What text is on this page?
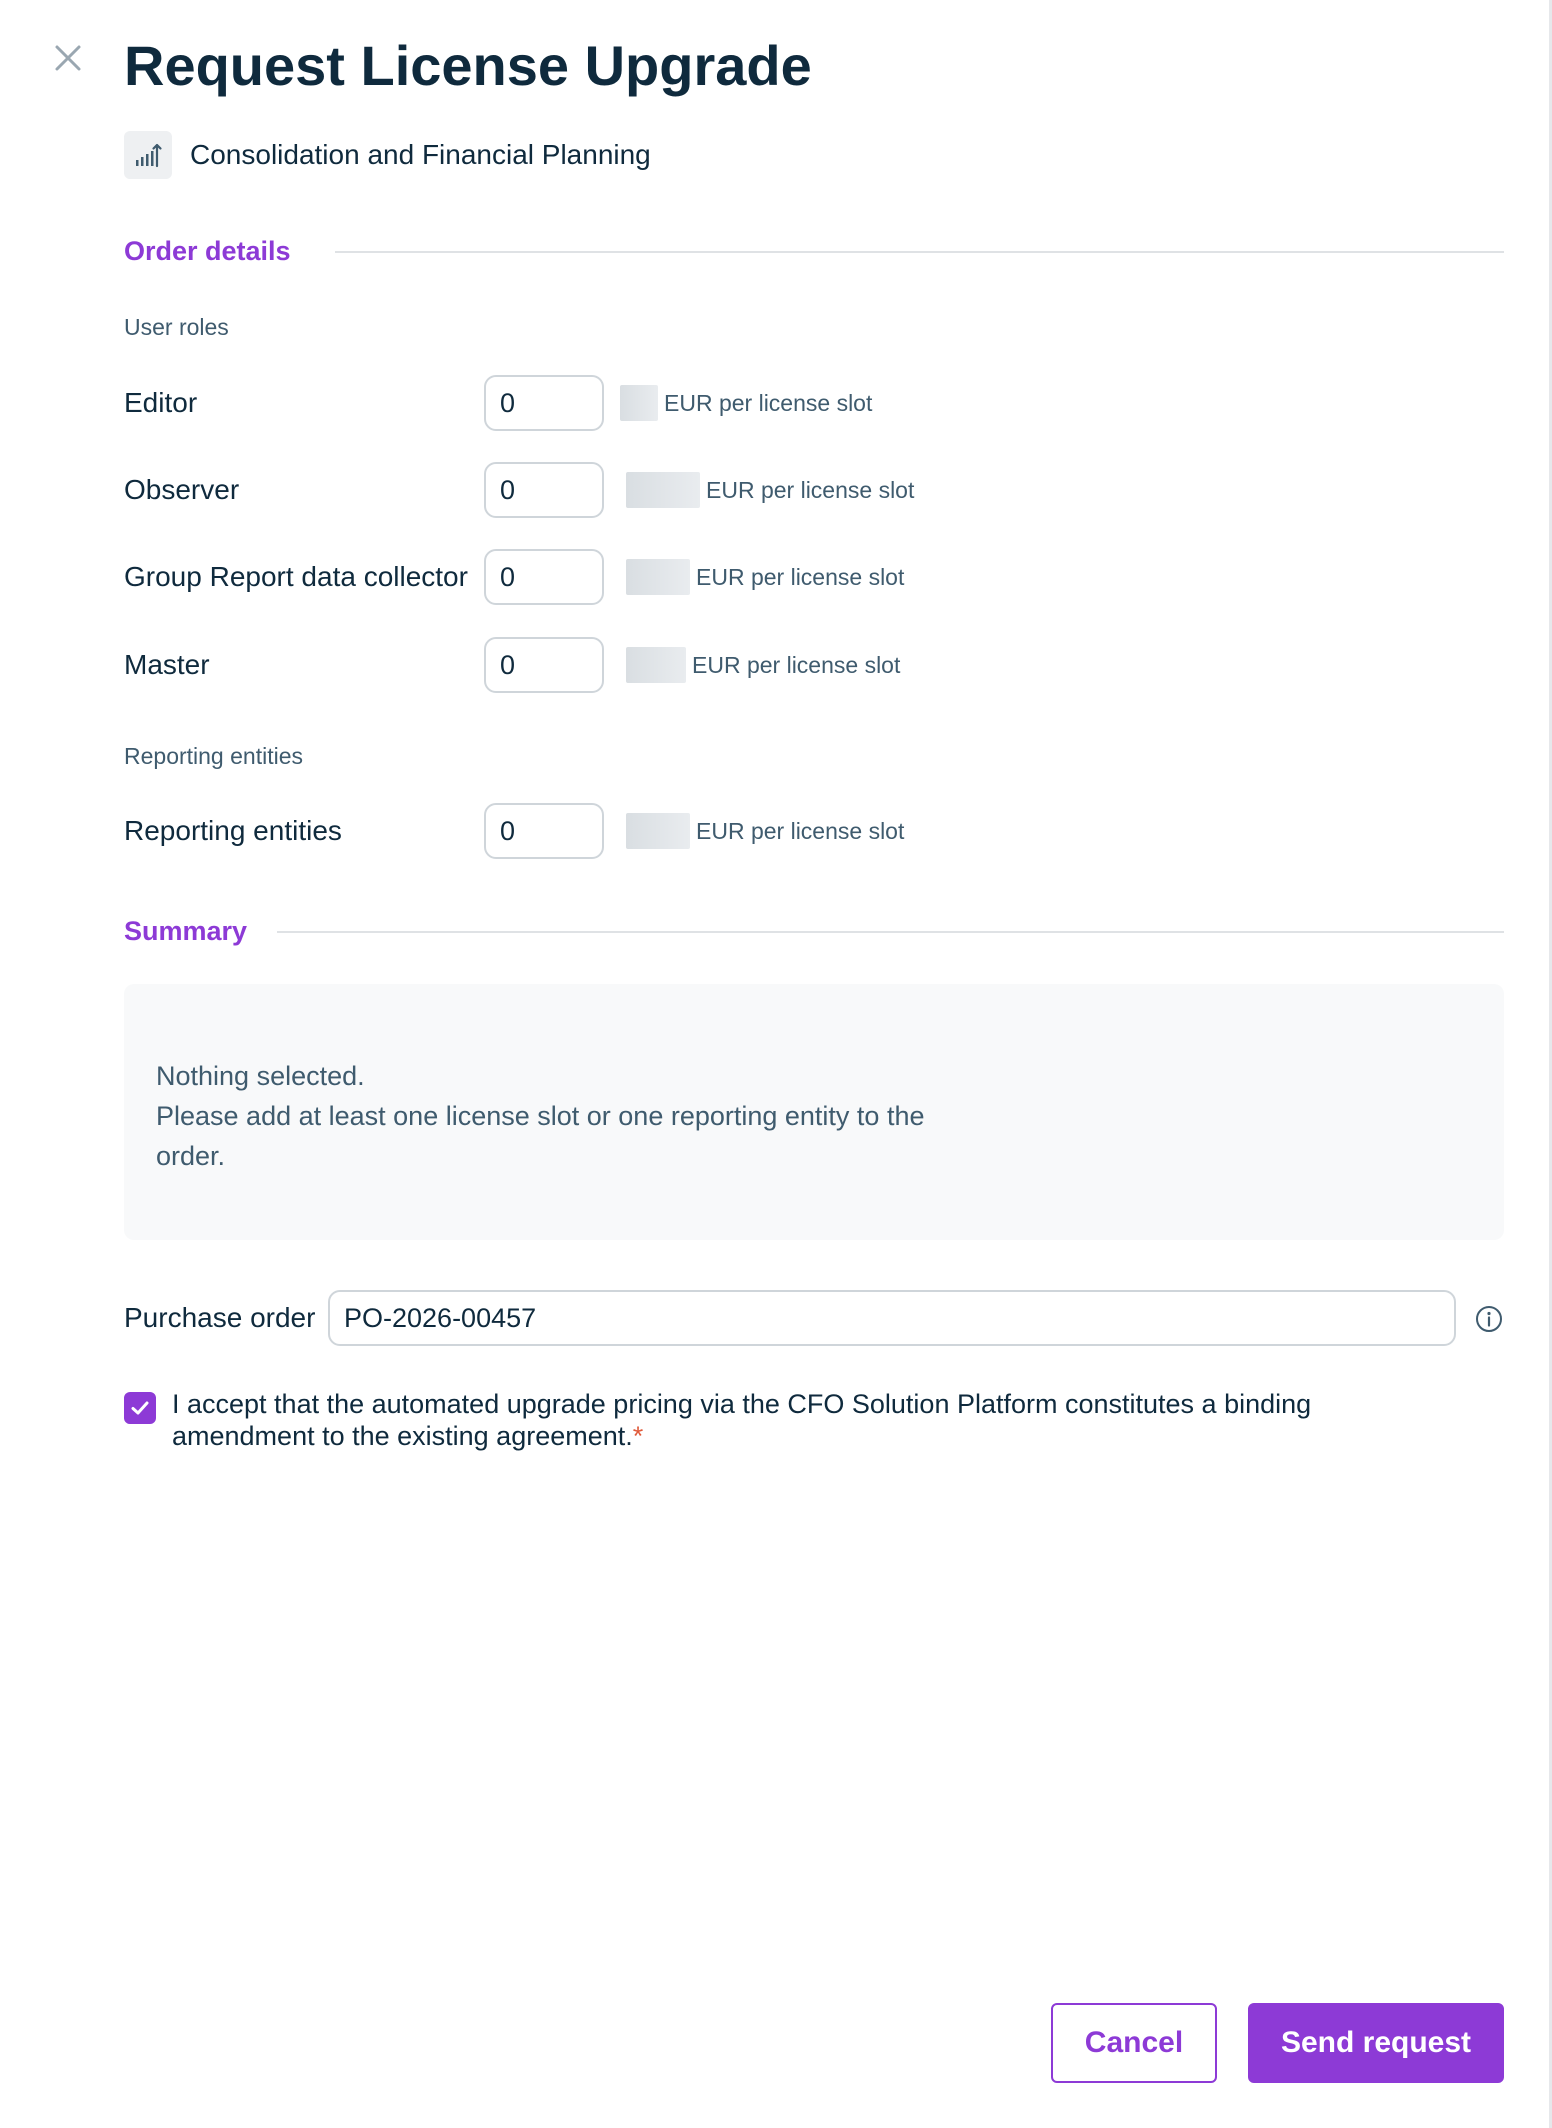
Request License Upgrade
Consolidation and Financial Planning
Order details
User roles
Editor
0	EUR per license slot
Observer
0	EUR per license slot
Group Report data collector
0	EUR per license slot
Master
0	EUR per license slot
Reporting entities
Reporting entities
0	EUR per license slot
Summary
Nothing selected.
Please add at least one license slot or one reporting entity to the order.
Purchase order
PO-2026-00457
I accept that the automated upgrade pricing via the CFO Solution Platform constitutes a binding amendment to the existing agreement.*
Cancel	Send request
